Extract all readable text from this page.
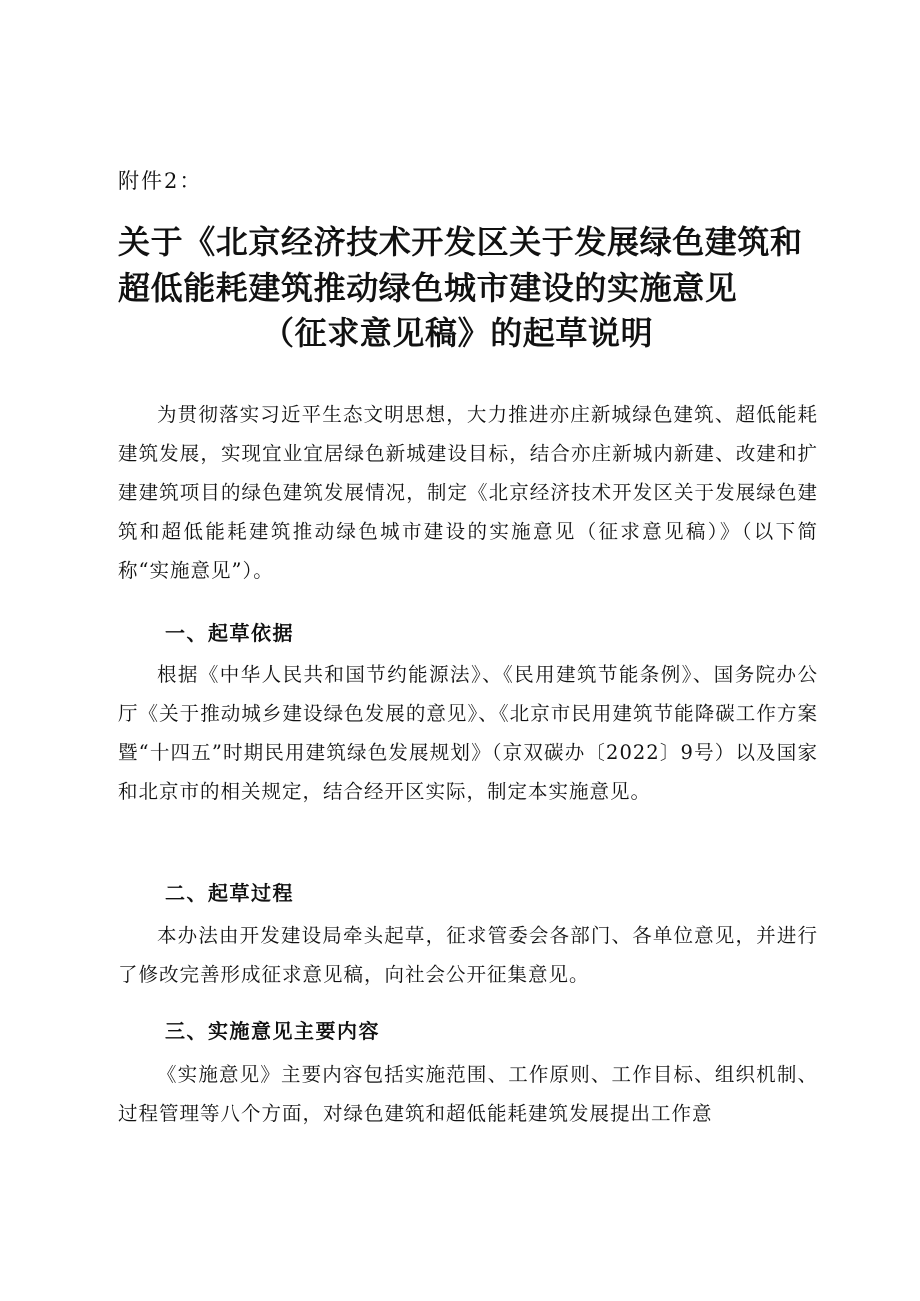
附件2：
关于《北京经济技术开发区关于发展绿色建筑和
超低能耗建筑推动绿色城市建设的实施意见
（征求意见稿》的起草说明
为贯彻落实习近平生态文明思想，大力推进亦庄新城绿色建筑、超低能耗建筑发展，实现宜业宜居绿色新城建设目标，结合亦庄新城内新建、改建和扩建建筑项目的绿色建筑发展情况，制定《北京经济技术开发区关于发展绿色建筑和超低能耗建筑推动绿色城市建设的实施意见（征求意见稿）》（以下简称“实施意见”）。
一、起草依据
根据《中华人民共和国节约能源法》、《民用建筑节能条例》、国务院办公厅《关于推动城乡建设绿色发展的意见》、《北京市民用建筑节能降碳工作方案暨“十四五”时期民用建筑绿色发展规划》（京双碳办〔2022〕9号）以及国家和北京市的相关规定，结合经开区实际，制定本实施意见。
二、起草过程
本办法由开发建设局牵头起草，征求管委会各部门、各单位意见，并进行了修改完善形成征求意见稿，向社会公开征集意见。
三、实施意见主要内容
《实施意见》主要内容包括实施范围、工作原则、工作目标、组织机制、过程管理等八个方面，对绿色建筑和超低能耗建筑发展提出工作意
